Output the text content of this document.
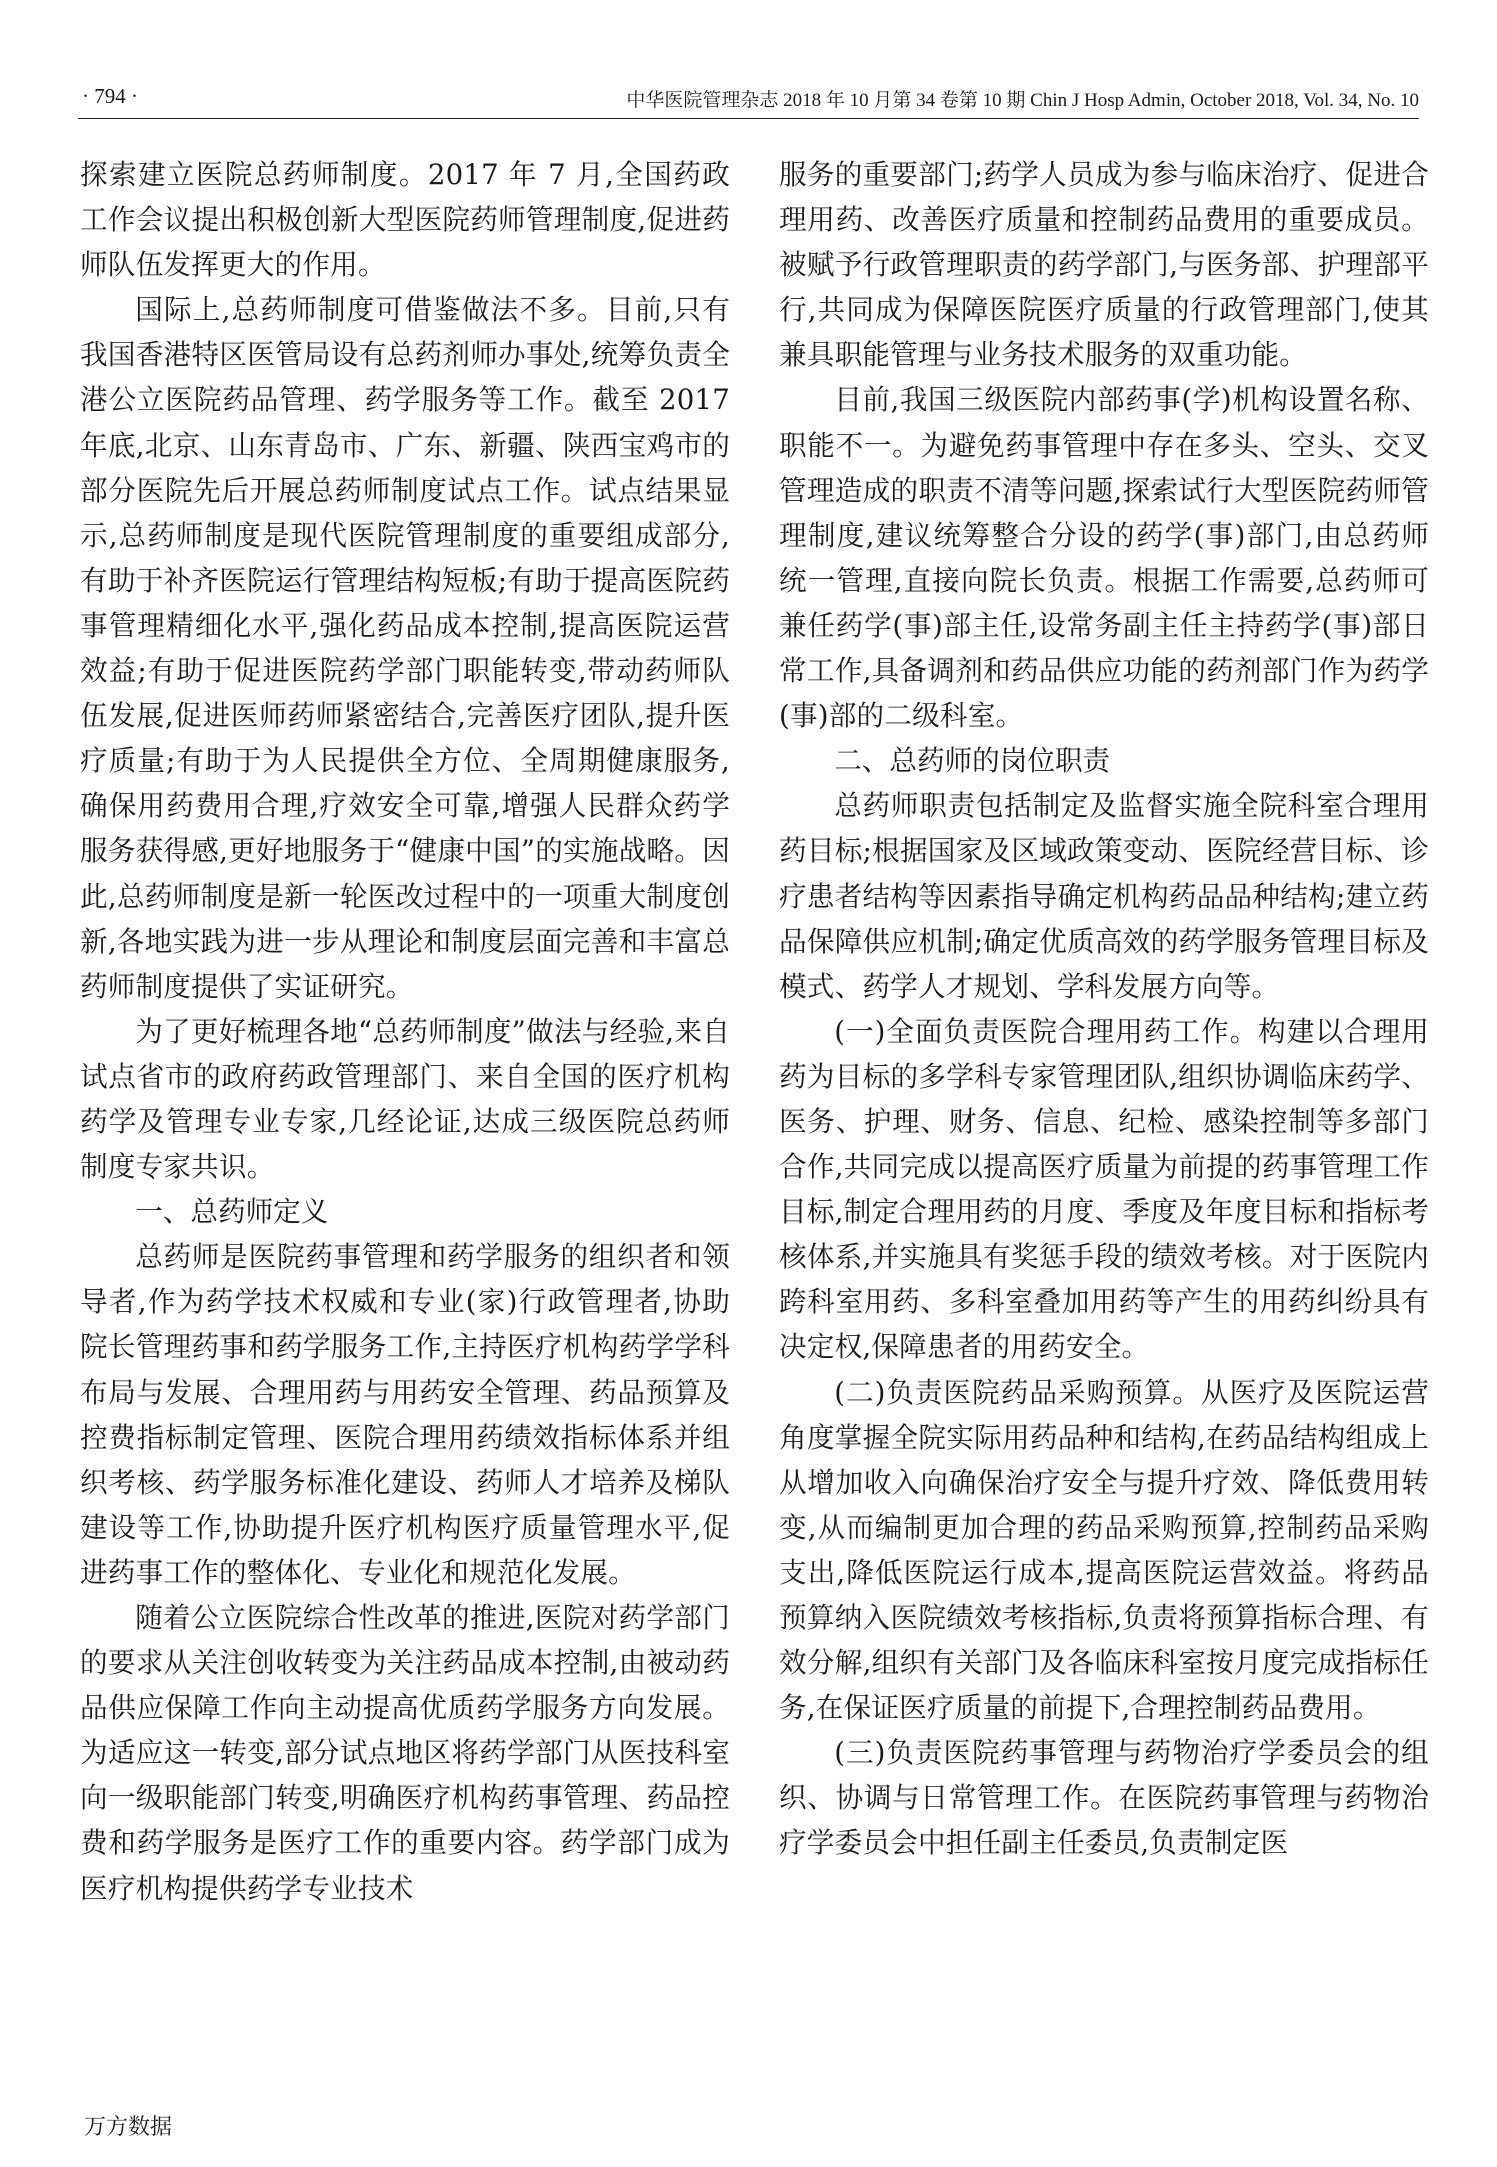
· 794 ·	中华医院管理杂志 2018 年 10 月第 34 卷第 10 期 Chin J Hosp Admin, October 2018, Vol. 34, No. 10

探索建立医院总药师制度。2017 年 7 月,全国药政工作会议提出积极创新大型医院药师管理制度,促进药师队伍发挥更大的作用。

国际上,总药师制度可借鉴做法不多。目前,只有我国香港特区医管局设有总药剂师办事处,统筹负责全港公立医院药品管理、药学服务等工作。截至 2017 年底,北京、山东青岛市、广东、新疆、陕西宝鸡市的部分医院先后开展总药师制度试点工作。试点结果显示,总药师制度是现代医院管理制度的重要组成部分,有助于补齐医院运行管理结构短板;有助于提高医院药事管理精细化水平,强化药品成本控制,提高医院运营效益;有助于促进医院药学部门职能转变,带动药师队伍发展,促进医师药师紧密结合,完善医疗团队,提升医疗质量;有助于为人民提供全方位、全周期健康服务,确保用药费用合理,疗效安全可靠,增强人民群众药学服务获得感,更好地服务于“健康中国”的实施战略。因此,总药师制度是新一轮医改过程中的一项重大制度创新,各地实践为进一步从理论和制度层面完善和丰富总药师制度提供了实证研究。

为了更好梳理各地“总药师制度”做法与经验,来自试点省市的政府药政管理部门、来自全国的医疗机构药学及管理专业专家,几经论证,达成三级医院总药师制度专家共识。

一、总药师定义

总药师是医院药事管理和药学服务的组织者和领导者,作为药学技术权威和专业(家)行政管理者,协助院长管理药事和药学服务工作,主持医疗机构药学学科布局与发展、合理用药与用药安全管理、药品预算及控费指标制定管理、医院合理用药绩效指标体系并组织考核、药学服务标准化建设、药师人才培养及梯队建设等工作,协助提升医疗机构医疗质量管理水平,促进药事工作的整体化、专业化和规范化发展。

随着公立医院综合性改革的推进,医院对药学部门的要求从关注创收转变为关注药品成本控制,由被动药品供应保障工作向主动提高优质药学服务方向发展。为适应这一转变,部分试点地区将药学部门从医技科室向一级职能部门转变,明确医疗机构药事管理、药品控费和药学服务是医疗工作的重要内容。药学部门成为医疗机构提供药学专业技术

服务的重要部门;药学人员成为参与临床治疗、促进合理用药、改善医疗质量和控制药品费用的重要成员。被赋予行政管理职责的药学部门,与医务部、护理部平行,共同成为保障医院医疗质量的行政管理部门,使其兼具职能管理与业务技术服务的双重功能。

目前,我国三级医院内部药事(学)机构设置名称、职能不一。为避免药事管理中存在多头、空头、交叉管理造成的职责不清等问题,探索试行大型医院药师管理制度,建议统筹整合分设的药学(事)部门,由总药师统一管理,直接向院长负责。根据工作需要,总药师可兼任药学(事)部主任,设常务副主任主持药学(事)部日常工作,具备调剂和药品供应功能的药剂部门作为药学(事)部的二级科室。

二、总药师的岗位职责

总药师职责包括制定及监督实施全院科室合理用药目标;根据国家及区域政策变动、医院经营目标、诊疗患者结构等因素指导确定机构药品品种结构;建立药品保障供应机制;确定优质高效的药学服务管理目标及模式、药学人才规划、学科发展方向等。

(一)全面负责医院合理用药工作。构建以合理用药为目标的多学科专家管理团队,组织协调临床药学、医务、护理、财务、信息、纪检、感染控制等多部门合作,共同完成以提高医疗质量为前提的药事管理工作目标,制定合理用药的月度、季度及年度目标和指标考核体系,并实施具有奖惩手段的绩效考核。对于医院内跨科室用药、多科室叠加用药等产生的用药纠纷具有决定权,保障患者的用药安全。

(二)负责医院药品采购预算。从医疗及医院运营角度掌握全院实际用药品种和结构,在药品结构组成上从增加收入向确保治疗安全与提升疗效、降低费用转变,从而编制更加合理的药品采购预算,控制药品采购支出,降低医院运行成本,提高医院运营效益。将药品预算纳入医院绩效考核指标,负责将预算指标合理、有效分解,组织有关部门及各临床科室按月度完成指标任务,在保证医疗质量的前提下,合理控制药品费用。

(三)负责医院药事管理与药物治疗学委员会的组织、协调与日常管理工作。在医院药事管理与药物治疗学委员会中担任副主任委员,负责制定医

万方数据
